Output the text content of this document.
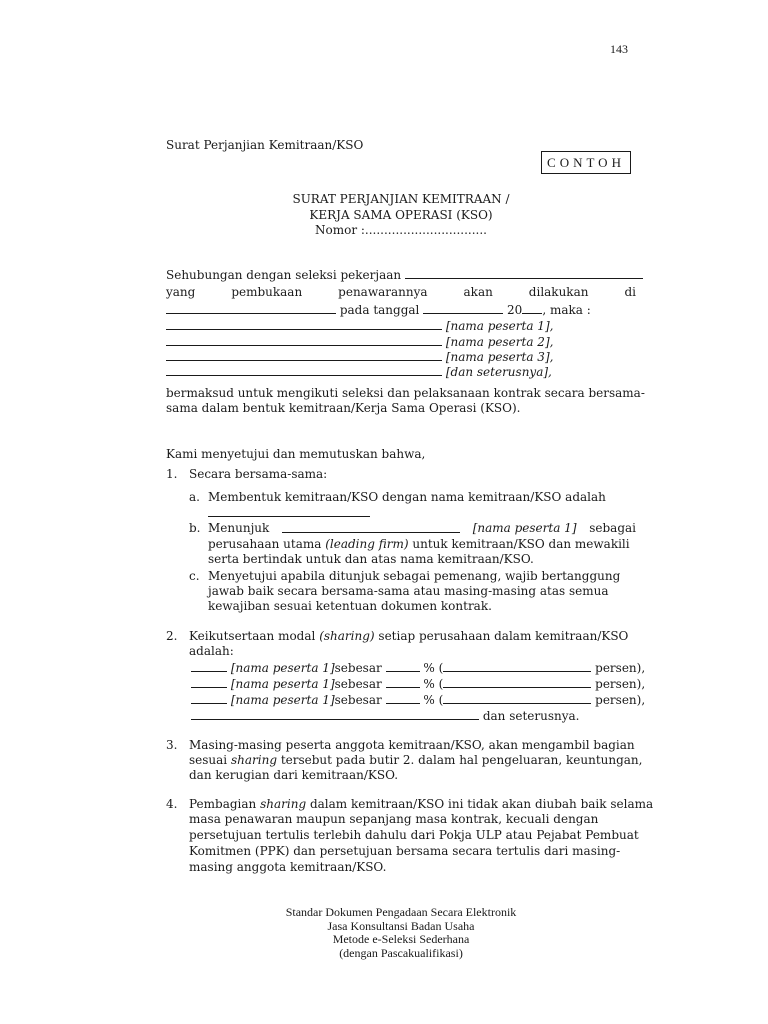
143
Surat Perjanjian Kemitraan/KSO
CONTOH
SURAT PERJANJIAN KEMITRAAN /
KERJA SAMA OPERASI (KSO)
Nomor :................................
Sehubungan dengan seleksi pekerjaan
yang	pembukaan	penawarannya	akan	dilakukan	di
pada tanggal	20 , maka :
[nama peserta 1],
[nama peserta 2],
[nama peserta 3],
[dan seterusnya],
bermaksud untuk mengikuti seleksi dan pelaksanaan kontrak secara bersama-
sama dalam bentuk kemitraan/Kerja Sama Operasi (KSO).
Kami menyetujui dan memutuskan bahwa,
1. Secara bersama-sama:
a. Membentuk kemitraan/KSO dengan nama kemitraan/KSO adalah
b. Menunjuk	[nama peserta 1] sebagai
perusahaan utama (leading firm) untuk kemitraan/KSO dan mewakili
serta bertindak untuk dan atas nama kemitraan/KSO.
c. Menyetujui apabila ditunjuk sebagai pemenang, wajib bertanggung
jawab baik secara bersama-sama atau masing-masing atas semua
kewajiban sesuai ketentuan dokumen kontrak.
2. Keikutsertaan modal (sharing) setiap perusahaan dalam kemitraan/KSO
adalah:
[nama peserta 1]sebesar	% (	persen),
[nama peserta 1]sebesar	% (	persen),
[nama peserta 1]sebesar	% (	persen),
dan seterusnya.
3. Masing-masing peserta anggota kemitraan/KSO, akan mengambil bagian
sesuai sharing tersebut pada butir 2. dalam hal pengeluaran, keuntungan,
dan kerugian dari kemitraan/KSO.
4. Pembagian sharing dalam kemitraan/KSO ini tidak akan diubah baik selama
masa penawaran maupun sepanjang masa kontrak, kecuali dengan
persetujuan tertulis terlebih dahulu dari Pokja ULP atau Pejabat Pembuat
Komitmen (PPK) dan persetujuan bersama secara tertulis dari masing-
masing anggota kemitraan/KSO.
Standar Dokumen Pengadaan Secara Elektronik
Jasa Konsultansi Badan Usaha
Metode e-Seleksi Sederhana
(dengan Pascakualifikasi)
